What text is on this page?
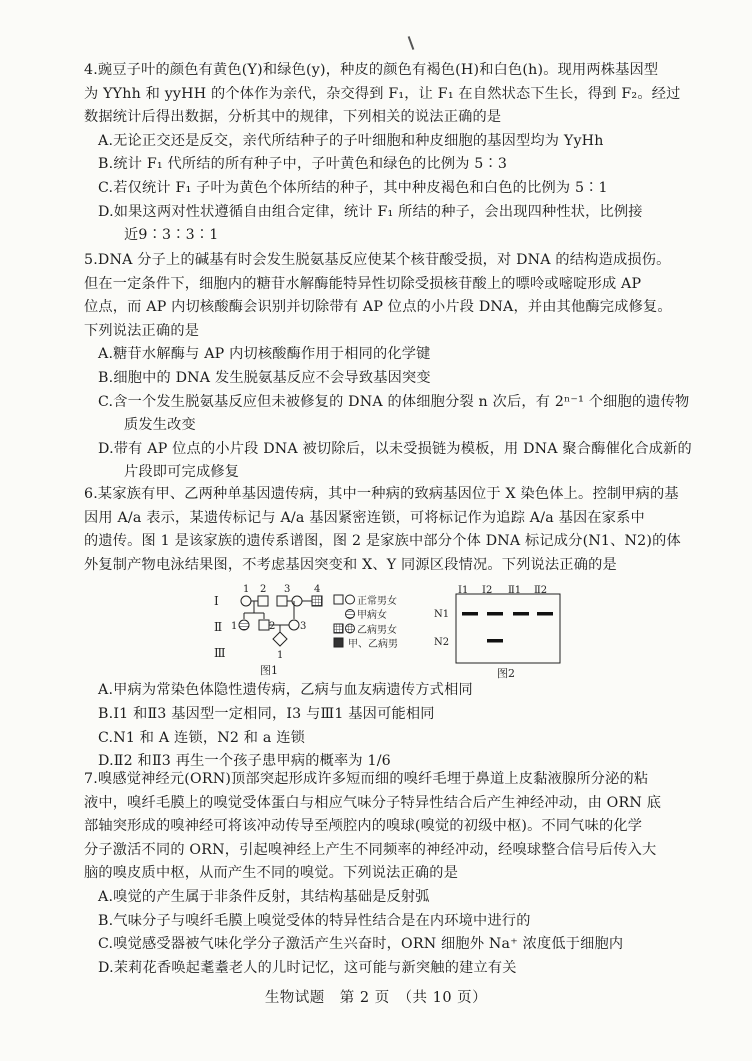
4.豌豆子叶的颜色有黄色(Y)和绿色(y)，种皮的颜色有褐色(H)和白色(h)。现用两株基因型
为 YYhh 和 yyHH 的个体作为亲代，杂交得到 F₁，让 F₁ 在自然状态下生长，得到 F₂。经过
数据统计后得出数据，分析其中的规律，下列相关的说法正确的是
A.无论正交还是反交，亲代所结种子的子叶细胞和种皮细胞的基因型均为 YyHh
B.统计 F₁ 代所结的所有种子中，子叶黄色和绿色的比例为 5∶3
C.若仅统计 F₁ 子叶为黄色个体所结的种子，其中种皮褐色和白色的比例为 5∶1
D.如果这两对性状遵循自由组合定律，统计 F₁ 所结的种子，会出现四种性状，比例接
近9∶3∶3∶1
5.DNA 分子上的碱基有时会发生脱氨基反应使某个核苷酸受损，对 DNA 的结构造成损伤。
但在一定条件下，细胞内的糖苷水解酶能特异性切除受损核苷酸上的嘌呤或嘧啶形成 AP
位点，而 AP 内切核酸酶会识别并切除带有 AP 位点的小片段 DNA，并由其他酶完成修复。
下列说法正确的是
A.糖苷水解酶与 AP 内切核酸酶作用于相同的化学键
B.细胞中的 DNA 发生脱氨基反应不会导致基因突变
C.含一个发生脱氨基反应但未被修复的 DNA 的体细胞分裂 n 次后，有 2ⁿ⁻¹ 个细胞的遗传物
质发生改变
D.带有 AP 位点的小片段 DNA 被切除后，以未受损链为模板，用 DNA 聚合酶催化合成新的
片段即可完成修复
6.某家族有甲、乙两种单基因遗传病，其中一种病的致病基因位于 X 染色体上。控制甲病的基
因用 A/a 表示，某遗传标记与 A/a 基因紧密连锁，可将标记作为追踪 A/a 基因在家系中
的遗传。图 1 是该家族的遗传系谱图，图 2 是家族中部分个体 DNA 标记成分(N1、N2)的体
外复制产物电泳结果图，不考虑基因突变和 X、Y 同源区段情况。下列说法正确的是
A.甲病为常染色体隐性遗传病，乙病与血友病遗传方式相同
B.Ⅰ1 和Ⅱ3 基因型一定相同，Ⅰ3 与Ⅲ1 基因可能相同
C.N1 和 A 连锁，N2 和 a 连锁
D.Ⅱ2 和Ⅱ3 再生一个孩子患甲病的概率为 1/6
Ⅰ
Ⅱ
Ⅲ
1 2 3 4
1	2 3
1
正常男女
甲病女
乙病男女
甲、乙病男
图1
Ⅰ1 Ⅰ2 Ⅱ1 Ⅱ2
N1
N2
图2
7.嗅感觉神经元(ORN)顶部突起形成许多短而细的嗅纤毛埋于鼻道上皮黏液腺所分泌的粘
液中，嗅纤毛膜上的嗅觉受体蛋白与相应气味分子特异性结合后产生神经冲动，由 ORN 底
部轴突形成的嗅神经可将该冲动传导至颅腔内的嗅球(嗅觉的初级中枢)。不同气味的化学
分子激活不同的 ORN，引起嗅神经上产生不同频率的神经冲动，经嗅球整合信号后传入大
脑的嗅皮质中枢，从而产生不同的嗅觉。下列说法正确的是
A.嗅觉的产生属于非条件反射，其结构基础是反射弧
B.气味分子与嗅纤毛膜上嗅觉受体的特异性结合是在内环境中进行的
C.嗅觉感受器被气味化学分子激活产生兴奋时，ORN 细胞外 Na⁺ 浓度低于细胞内
D.茉莉花香唤起耄耋老人的儿时记忆，这可能与新突触的建立有关
生物试题　第 2 页　（共 10 页）
